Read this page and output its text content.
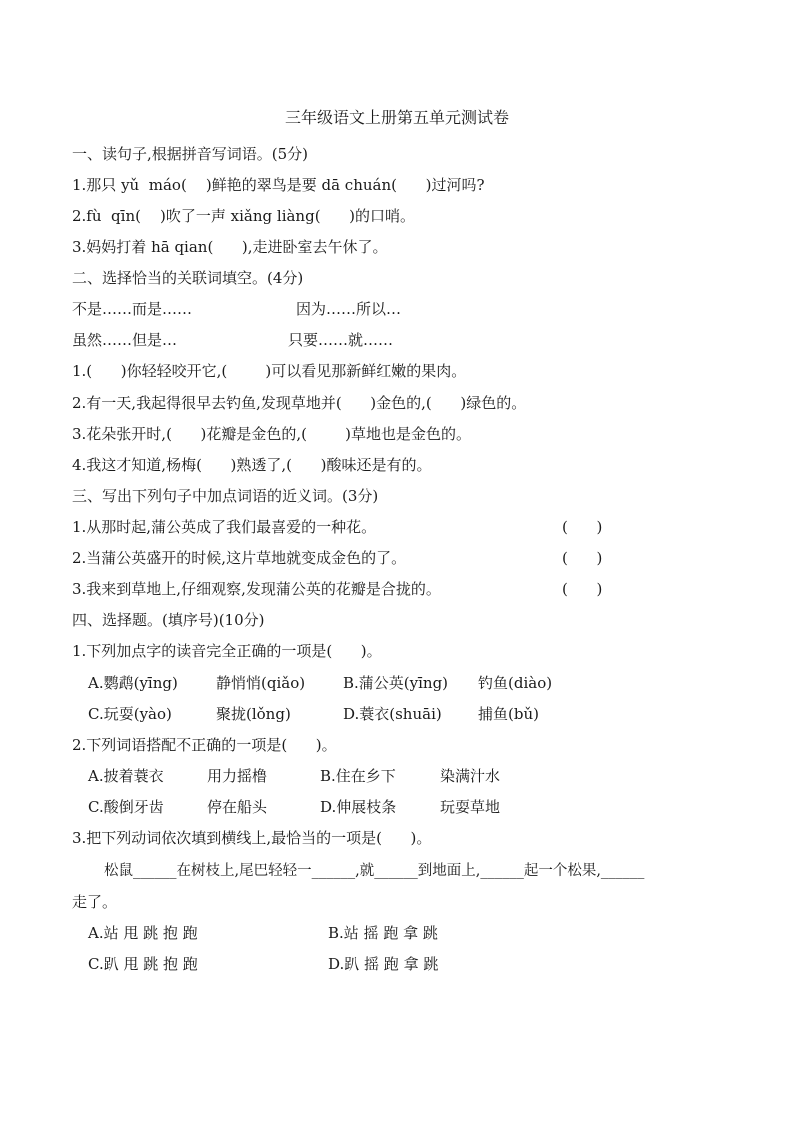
三年级语文上册第五单元测试卷
一、读句子,根据拼音写词语。(5分)
1.那只 yǔ  máo(    )鲜艳的翠鸟是要 dā chuán(      )过河吗?
2.fù  qīn(    )吹了一声 xiǎng liàng(      )的口哨。
3.妈妈打着 hā qian(      ),走进卧室去午休了。
二、选择恰当的关联词填空。(4分)
不是……而是……	因为……所以…
虽然……但是…	只要……就……
1.(      )你轻轻咬开它,(        )可以看见那新鲜红嫩的果肉。
2.有一天,我起得很早去钓鱼,发现草地并(      )金色的,(      )绿色的。
3.花朵张开时,(      )花瓣是金色的,(        )草地也是金色的。
4.我这才知道,杨梅(      )熟透了,(      )酸味还是有的。
三、写出下列句子中加点词语的近义词。(3分)
1.从那时起,蒲公英成了我们最喜爱的一种花。	(      )
2.当蒲公英盛开的时候,这片草地就变成金色的了。	(      )
3.我来到草地上,仔细观察,发现蒲公英的花瓣是合拢的。	(      )
四、选择题。(填序号)(10分)
1.下列加点字的读音完全正确的一项是(      )。
A.鹦鹉(yīng)	静悄悄(qiǎo)	B.蒲公英(yīng) 钓鱼(diào)
C.玩耍(yào)	聚拢(lǒng)	D.蓑衣(shuāi) 捕鱼(bǔ)
2.下列词语搭配不正确的一项是(      )。
A.披着蓑衣	用力摇橹	B.住在乡下	染满汁水
C.酸倒牙齿	停在船头	D.伸展枝条	玩耍草地
3.把下列动词依次填到横线上,最恰当的一项是(      )。
松鼠______在树枝上,尾巴轻轻一______,就______到地面上,______起一个松果,______
走了。
A.站 甩 跳 抱 跑	B.站 摇 跑 拿 跳
C.趴 甩 跳 抱 跑	D.趴 摇 跑 拿 跳
